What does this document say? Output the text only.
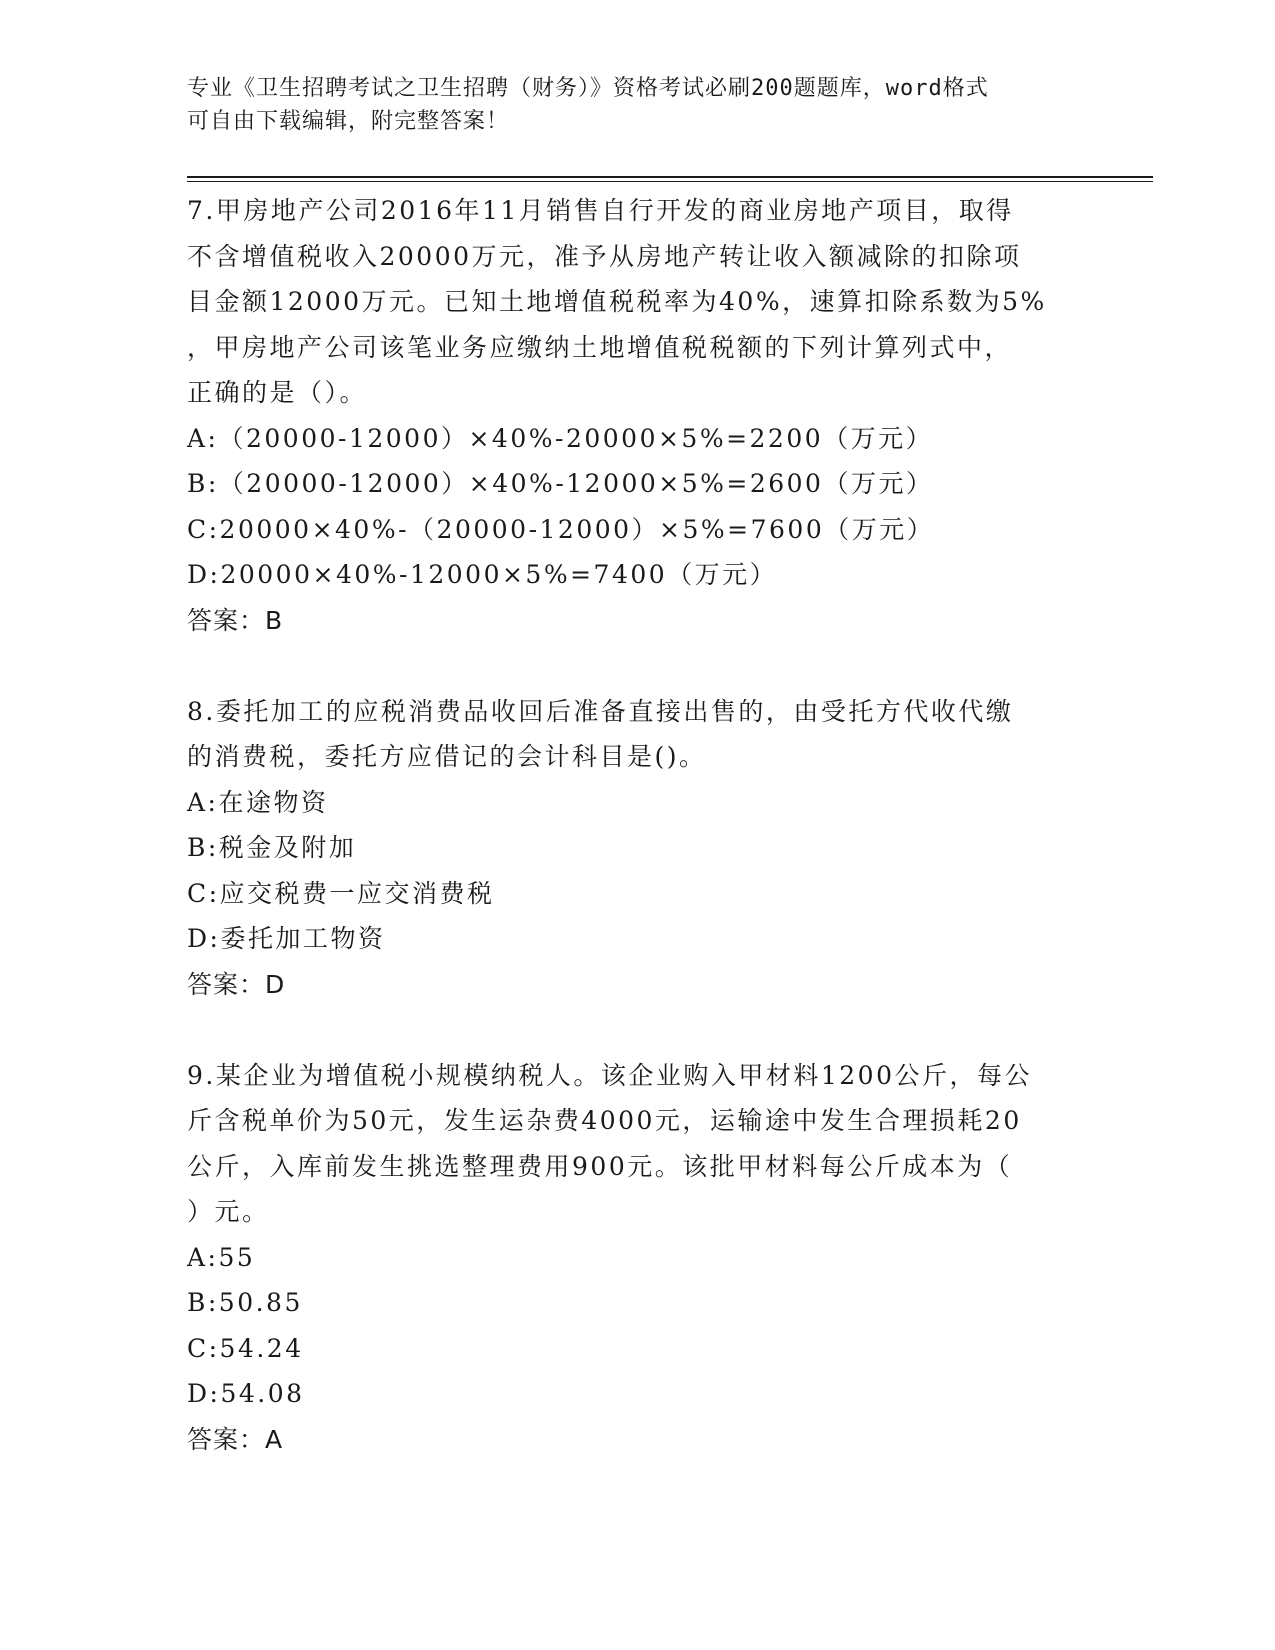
专业《卫生招聘考试之卫生招聘（财务）》资格考试必刷200题题库，word格式
可自由下载编辑，附完整答案！
7.甲房地产公司2016年11月销售自行开发的商业房地产项目，取得
不含增值税收入20000万元，准予从房地产转让收入额减除的扣除项
目金额12000万元。已知土地增值税税率为40%，速算扣除系数为5%
，甲房地产公司该笔业务应缴纳土地增值税税额的下列计算列式中，
正确的是（）。
A:（20000-12000）×40%-20000×5%=2200（万元）
B:（20000-12000）×40%-12000×5%=2600（万元）
C:20000×40%-（20000-12000）×5%=7600（万元）
D:20000×40%-12000×5%=7400（万元）
答案：B
8.委托加工的应税消费品收回后准备直接出售的，由受托方代收代缴
的消费税，委托方应借记的会计科目是()。
A:在途物资
B:税金及附加
C:应交税费一应交消费税
D:委托加工物资
答案：D
9.某企业为增值税小规模纳税人。该企业购入甲材料1200公斤，每公
斤含税单价为50元，发生运杂费4000元，运输途中发生合理损耗20
公斤，入库前发生挑选整理费用900元。该批甲材料每公斤成本为（
）元。
A:55
B:50.85
C:54.24
D:54.08
答案：A
